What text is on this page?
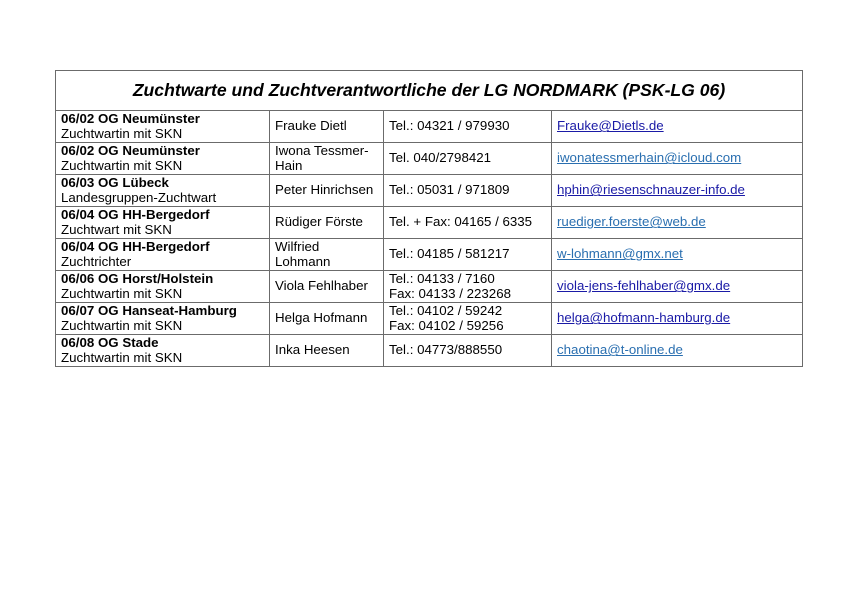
Zuchtwarte und Zuchtverantwortliche der LG NORDMARK (PSK-LG 06)			

06/02 OG Neumünster
Zuchtwartin mit SKN	Frauke Dietl	Tel.: 04321 / 979930	Frauke@Dietls.de

06/02 OG Neumünster
Zuchtwartin mit SKN	Iwona Tessmer-
Hain	Tel. 040/2798421	iwonatessmerhain@icloud.com

06/03 OG Lübeck
Landesgruppen-Zuchtwart	Peter Hinrichsen	Tel.: 05031 / 971809	hphin@riesenschnauzer-info.de

06/04 OG HH-Bergedorf
Zuchtwart mit SKN	Rüdiger Förste	Tel. + Fax: 04165 / 6335	ruediger.foerste@web.de

06/04 OG HH-Bergedorf
Zuchtrichter	Wilfried
Lohmann	Tel.: 04185 / 581217	w-lohmann@gmx.net

06/06 OG Horst/Holstein
Zuchtwartin mit SKN	Viola Fehlhaber	Tel.: 04133 / 7160
Fax: 04133 / 223268	viola-jens-fehlhaber@gmx.de

06/07 OG Hanseat-Hamburg
Zuchtwartin mit SKN	Helga Hofmann	Tel.: 04102 / 59242
Fax: 04102 / 59256	helga@hofmann-hamburg.de

06/08 OG Stade
Zuchtwartin mit SKN	Inka Heesen	Tel.: 04773/888550	chaotina@t-online.de
